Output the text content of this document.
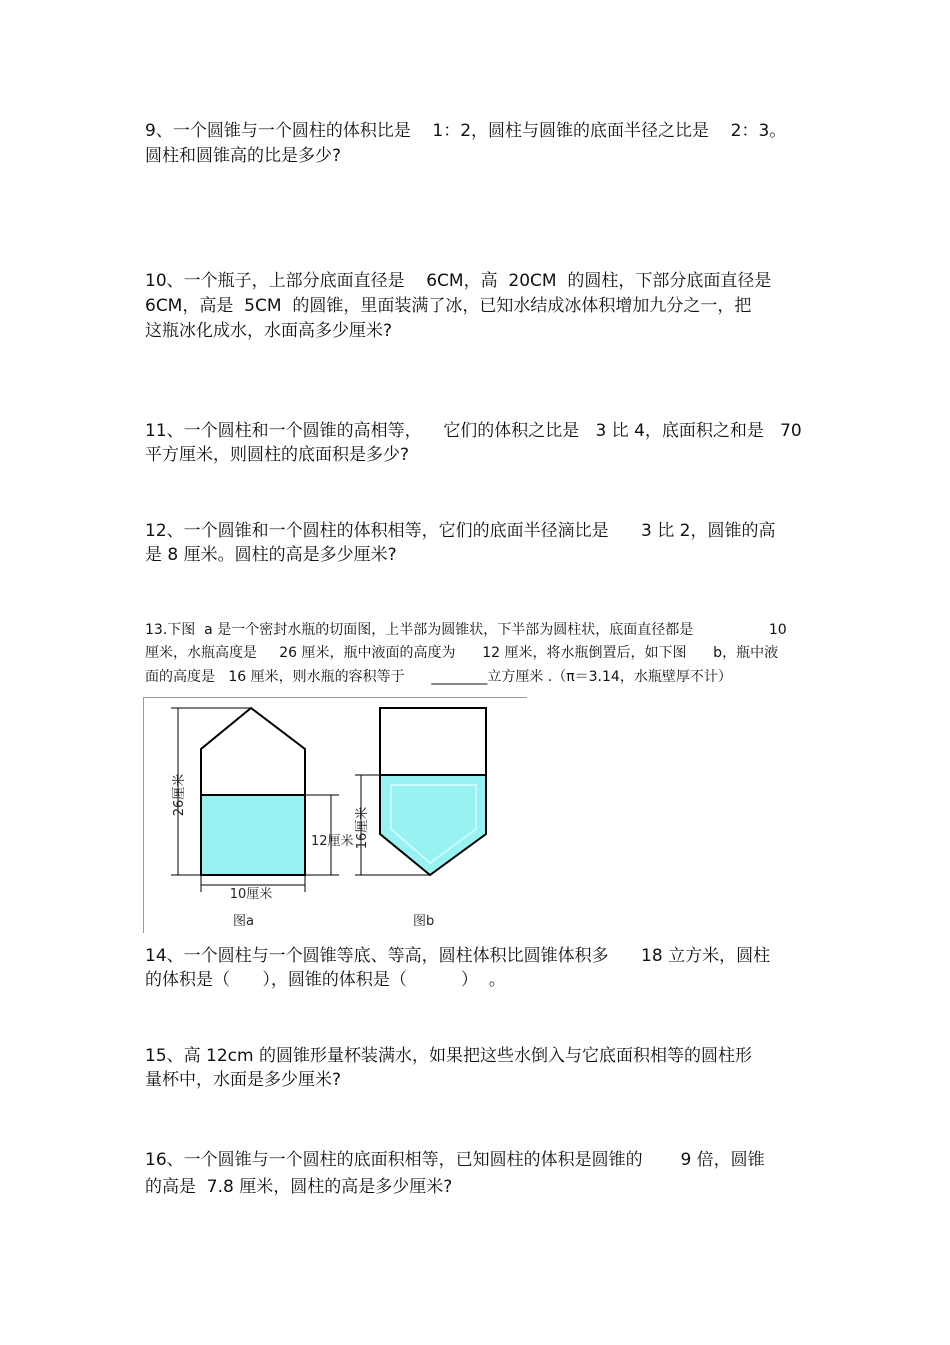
9、一个圆锥与一个圆柱的体积比是    1：2，圆柱与圆锥的底面半径之比是    2：3。
圆柱和圆锥高的比是多少?
10、一个瓶子，上部分底面直径是    6CM，高  20CM  的圆柱，下部分底面直径是
6CM，高是  5CM  的圆锥，里面装满了冰，已知水结成冰体积增加九分之一，把
这瓶冰化成水，水面高多少厘米?
11、一个圆柱和一个圆锥的高相等，    它们的体积之比是   3 比 4，底面积之和是   70
平方厘米，则圆柱的底面积是多少?
12、一个圆锥和一个圆柱的体积相等，它们的底面半径滴比是      3 比 2，圆锥的高
是 8 厘米。圆柱的高是多少厘米?
13.下图  a 是一个密封水瓶的切面图，上半部为圆锥状，下半部为圆柱状，底面直径都是                 10
厘米，水瓶高度是     26 厘米，瓶中液面的高度为      12 厘米，将水瓶倒置后，如下图      b，瓶中液
面的高度是   16 厘米，则水瓶的容积等于      ________立方厘米 .（π＝3.14，水瓶壁厚不计）
26厘米
12厘米
10厘米
图a
16厘米
图b
14、一个圆柱与一个圆锥等底、等高，圆柱体积比圆锥体积多      18 立方米，圆柱
的体积是（      ），圆锥的体积是（          ）  。
15、高 12cm 的圆锥形量杯装满水，如果把这些水倒入与它底面积相等的圆柱形
量杯中，水面是多少厘米?
16、一个圆锥与一个圆柱的底面积相等，已知圆柱的体积是圆锥的       9 倍，圆锥
的高是  7.8 厘米，圆柱的高是多少厘米?
